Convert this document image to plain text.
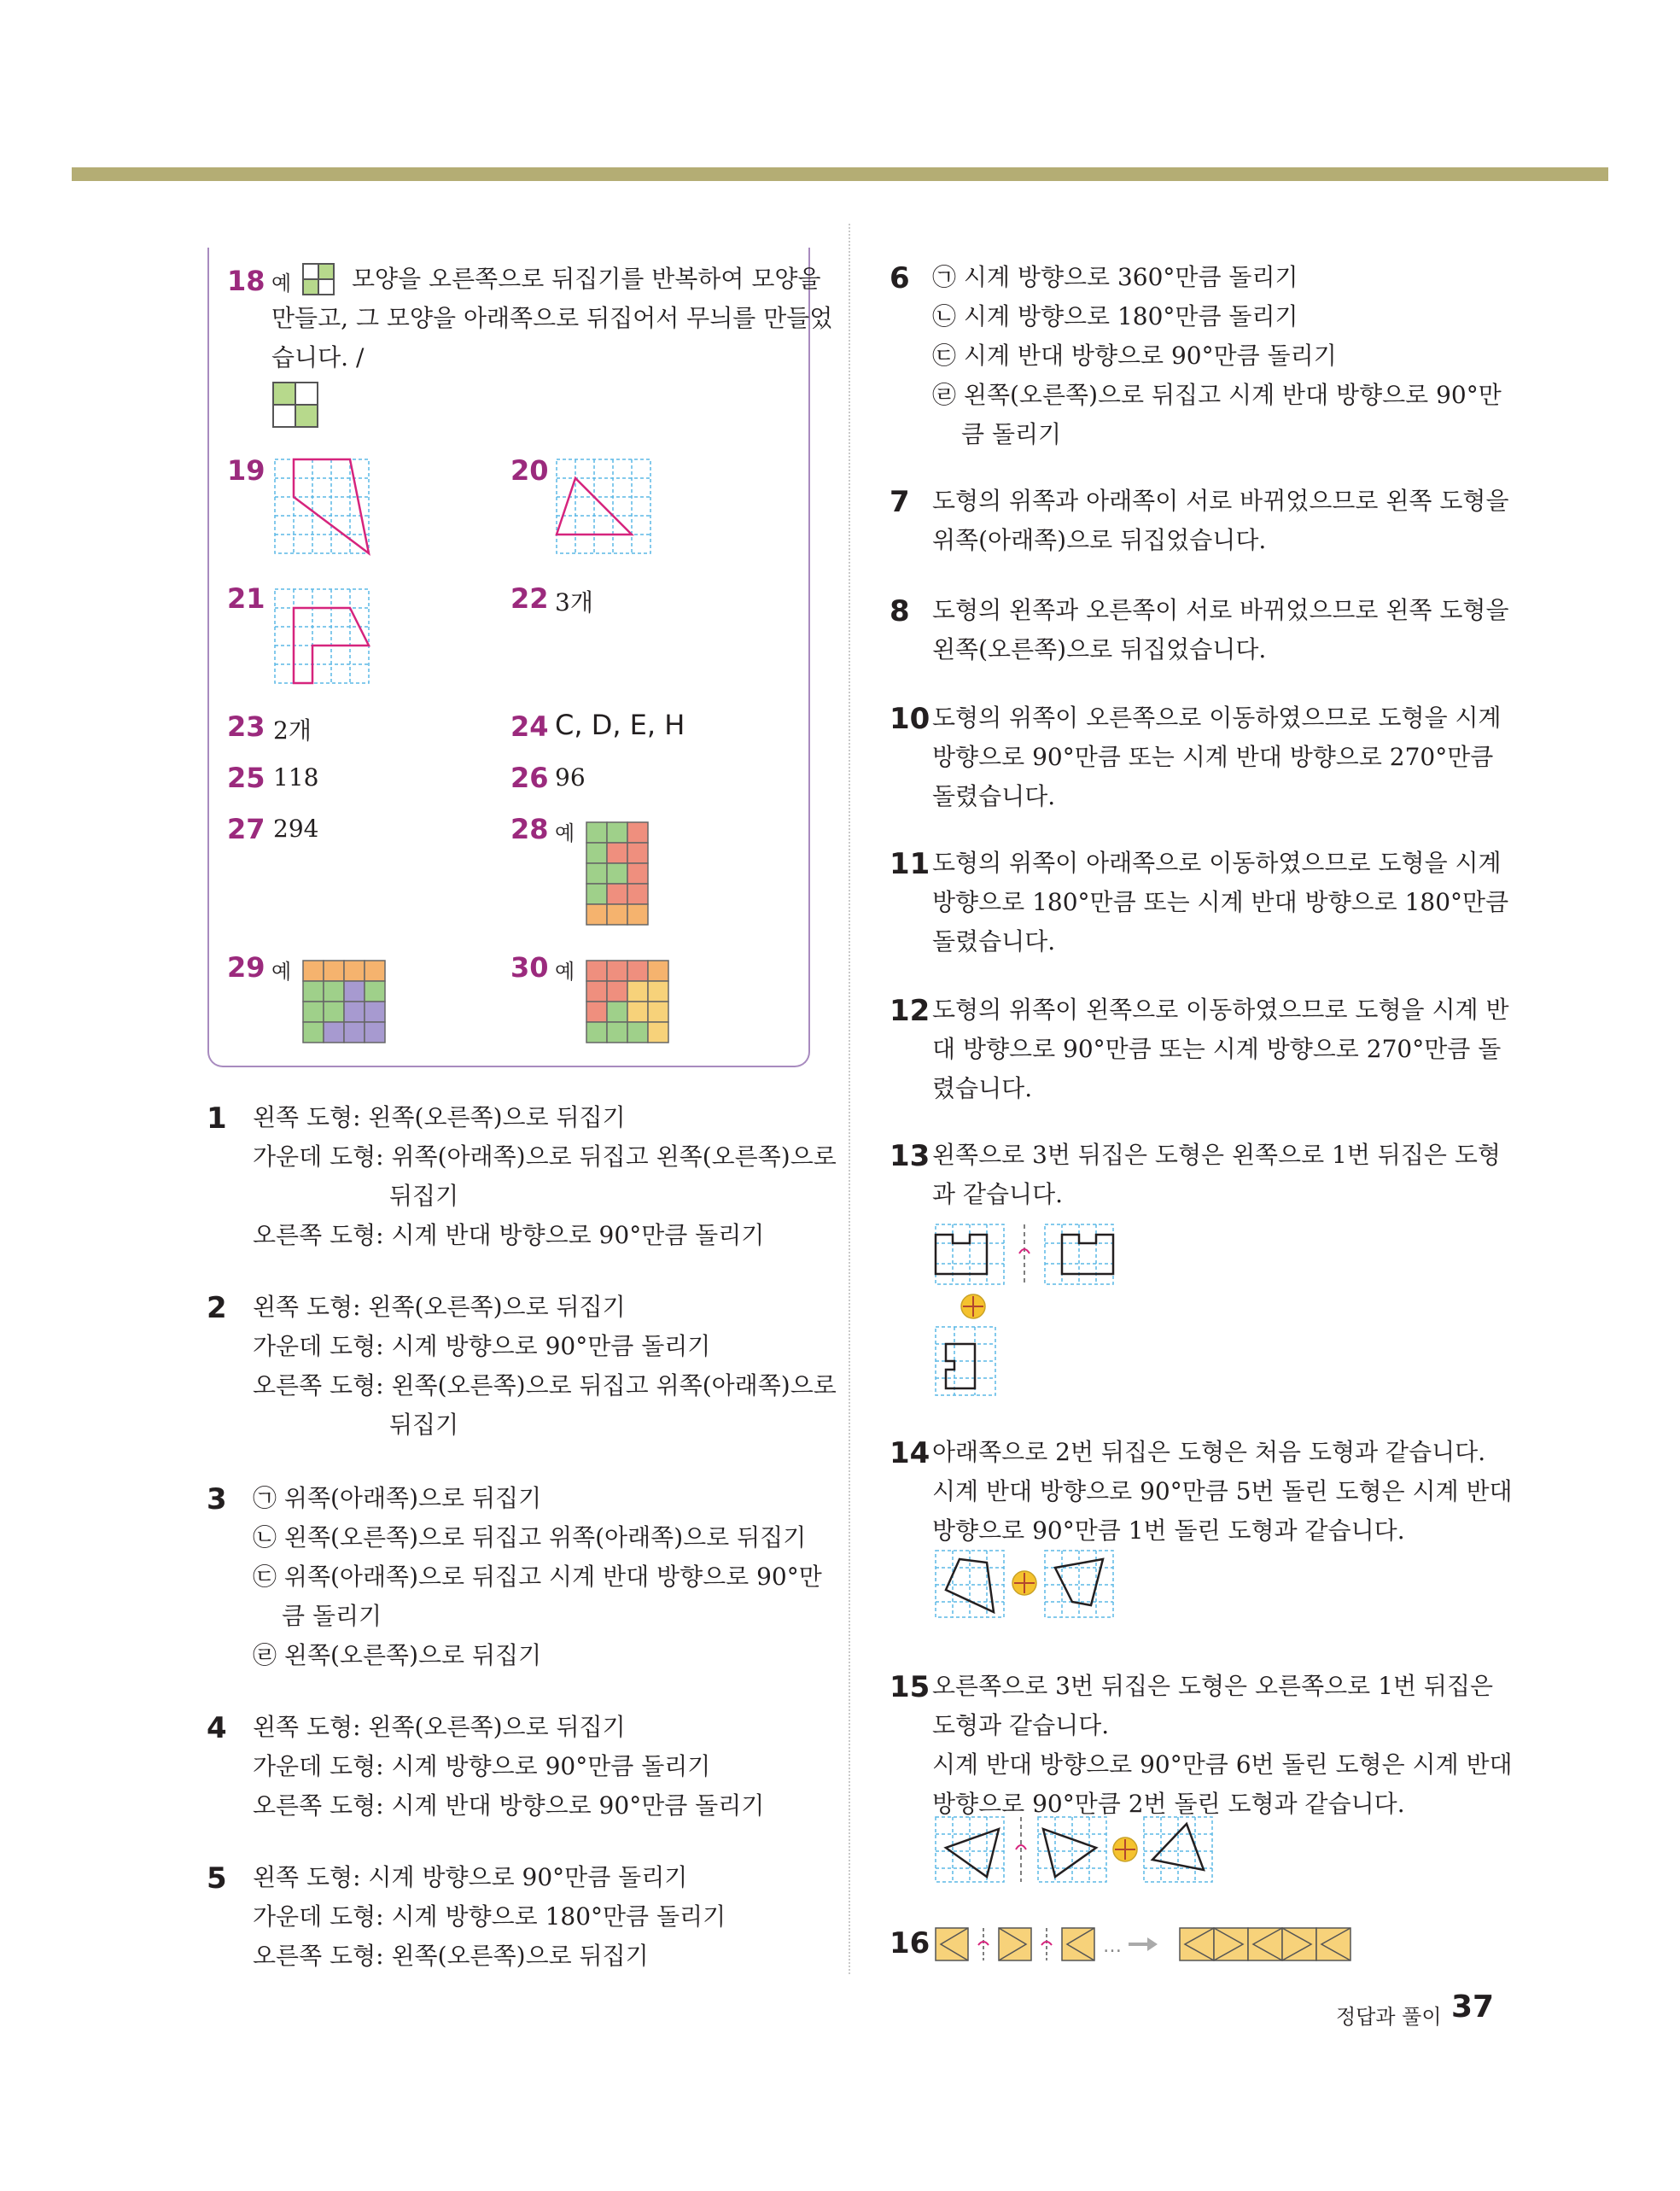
18 예	모양을 오른쪽으로 뒤집기를 반복하여 모양을
만들고, 그 모양을 아래쪽으로 뒤집어서 무늬를 만들었
습니다. /
19	20
21	22 3개
23 2개	24 C, D, E, H
25 118	26 96
27 294	28 예
29 예	30 예
1 왼쪽 도형: 왼쪽(오른쪽)으로 뒤집기
가운데 도형: 위쪽(아래쪽)으로 뒤집고 왼쪽(오른쪽)으로
뒤집기
오른쪽 도형: 시계 반대 방향으로 90°만큼 돌리기
2 왼쪽 도형: 왼쪽(오른쪽)으로 뒤집기
가운데 도형: 시계 방향으로 90°만큼 돌리기
오른쪽 도형: 왼쪽(오른쪽)으로 뒤집고 위쪽(아래쪽)으로
뒤집기
3 ㉠ 위쪽(아래쪽)으로 뒤집기
㉡ 왼쪽(오른쪽)으로 뒤집고 위쪽(아래쪽)으로 뒤집기
㉢ 위쪽(아래쪽)으로 뒤집고 시계 반대 방향으로 90°만
큼 돌리기
㉣ 왼쪽(오른쪽)으로 뒤집기
4 왼쪽 도형: 왼쪽(오른쪽)으로 뒤집기
가운데 도형: 시계 방향으로 90°만큼 돌리기
오른쪽 도형: 시계 반대 방향으로 90°만큼 돌리기
5 왼쪽 도형: 시계 방향으로 90°만큼 돌리기
가운데 도형: 시계 방향으로 180°만큼 돌리기
오른쪽 도형: 왼쪽(오른쪽)으로 뒤집기
6 ㉠ 시계 방향으로 360°만큼 돌리기
㉡ 시계 방향으로 180°만큼 돌리기
㉢ 시계 반대 방향으로 90°만큼 돌리기
㉣ 왼쪽(오른쪽)으로 뒤집고 시계 반대 방향으로 90°만
큼 돌리기
7 도형의 위쪽과 아래쪽이 서로 바뀌었으므로 왼쪽 도형을
위쪽(아래쪽)으로 뒤집었습니다.
8 도형의 왼쪽과 오른쪽이 서로 바뀌었으므로 왼쪽 도형을
왼쪽(오른쪽)으로 뒤집었습니다.
10 도형의 위쪽이 오른쪽으로 이동하였으므로 도형을 시계
방향으로 90°만큼 또는 시계 반대 방향으로 270°만큼
돌렸습니다.
11 도형의 위쪽이 아래쪽으로 이동하였으므로 도형을 시계
방향으로 180°만큼 또는 시계 반대 방향으로 180°만큼
돌렸습니다.
12 도형의 위쪽이 왼쪽으로 이동하였으므로 도형을 시계 반
대 방향으로 90°만큼 또는 시계 방향으로 270°만큼 돌
렸습니다.
13 왼쪽으로 3번 뒤집은 도형은 왼쪽으로 1번 뒤집은 도형
과 같습니다.
14 아래쪽으로 2번 뒤집은 도형은 처음 도형과 같습니다.
시계 반대 방향으로 90°만큼 5번 돌린 도형은 시계 반대
방향으로 90°만큼 1번 돌린 도형과 같습니다.
15 오른쪽으로 3번 뒤집은 도형은 오른쪽으로 1번 뒤집은
도형과 같습니다.
시계 반대 방향으로 90°만큼 6번 돌린 도형은 시계 반대
방향으로 90°만큼 2번 돌린 도형과 같습니다.
16	…
정답과 풀이 37
